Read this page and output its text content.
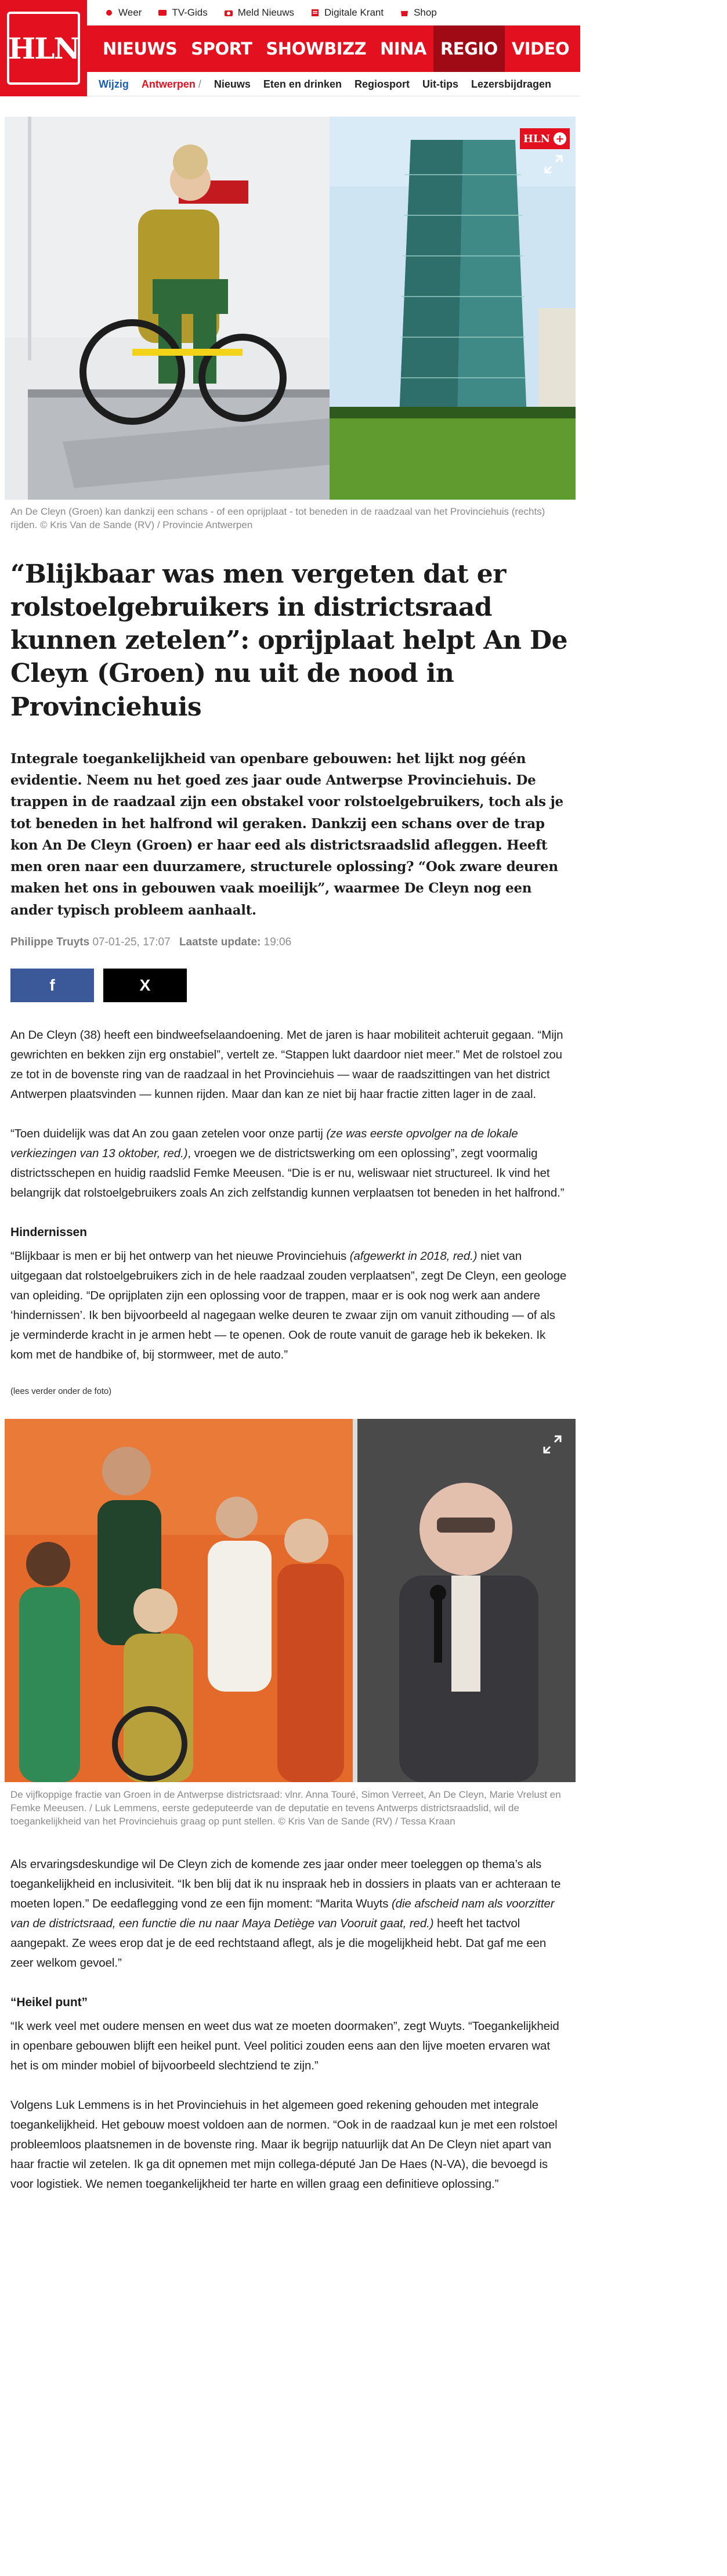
Weer	TV-Gids	Meld Nieuws	Digitale Krant	Shop
NIEUWS SPORT SHOWBIZZ NINA REGIO VIDEO PUZZEL PODC
Wijzig Antwerpen / Nieuws Eten en drinken Regiosport Uit-tips Lezersbijdragen
HLN
HLN +
An De Cleyn (Groen) kan dankzij een schans - of een oprijplaat - tot beneden in de raadzaal van het Provinciehuis (rechts) rijden. © Kris Van de Sande (RV) / Provincie Antwerpen
“Blijkbaar was men vergeten dat er rolstoelgebruikers in districtsraad kunnen zetelen”: oprijplaat helpt An De Cleyn (Groen) nu uit de nood in Provinciehuis

Integrale toegankelijkheid van openbare gebouwen: het lijkt nog géén evidentie. Neem nu het goed zes jaar oude Antwerpse Provinciehuis. De trappen in de raadzaal zijn een obstakel voor rolstoelgebruikers, toch als je tot beneden in het halfrond wil geraken. Dankzij een schans over de trap kon An De Cleyn (Groen) er haar eed als districtsraadslid afleggen. Heeft men oren naar een duurzamere, structurele oplossing? “Ook zware deuren maken het ons in gebouwen vaak moeilijk”, waarmee De Cleyn nog een ander typisch probleem aanhaalt.

Philippe Truyts 07-01-25, 17:07 Laatste update: 19:06
f	X

An De Cleyn (38) heeft een bindweefselaandoening. Met de jaren is haar mobiliteit achteruit gegaan. “Mijn gewrichten en bekken zijn erg onstabiel”, vertelt ze. “Stappen lukt daardoor niet meer.” Met de rolstoel zou ze tot in de bovenste ring van de raadzaal in het Provinciehuis — waar de raadszittingen van het district Antwerpen plaatsvinden — kunnen rijden. Maar dan kan ze niet bij haar fractie zitten lager in de zaal.

“Toen duidelijk was dat An zou gaan zetelen voor onze partij (ze was eerste opvolger na de lokale verkiezingen van 13 oktober, red.), vroegen we de districtswerking om een oplossing”, zegt voormalig districtsschepen en huidig raadslid Femke Meeusen. “Die is er nu, weliswaar niet structureel. Ik vind het belangrijk dat rolstoelgebruikers zoals An zich zelfstandig kunnen verplaatsen tot beneden in het halfrond.”

Hindernissen

“Blijkbaar is men er bij het ontwerp van het nieuwe Provinciehuis (afgewerkt in 2018, red.) niet van uitgegaan dat rolstoelgebruikers zich in de hele raadzaal zouden verplaatsen”, zegt De Cleyn, een geologe van opleiding. “De oprijplaten zijn een oplossing voor de trappen, maar er is ook nog werk aan andere ‘hindernissen’. Ik ben bijvoorbeeld al nagegaan welke deuren te zwaar zijn om vanuit zithouding — of als je verminderde kracht in je armen hebt — te openen. Ook de route vanuit de garage heb ik bekeken. Ik kom met de handbike of, bij stormweer, met de auto.”

(lees verder onder de foto)

De vijfkoppige fractie van Groen in de Antwerpse districtsraad: vlnr. Anna Touré, Simon Verreet, An De Cleyn, Marie Vrelust en Femke Meeusen. / Luk Lemmens, eerste gedeputeerde van de deputatie en tevens Antwerps districtsraadslid, wil de toegankelijkheid van het Provinciehuis graag op punt stellen. © Kris Van de Sande (RV) / Tessa Kraan

Als ervaringsdeskundige wil De Cleyn zich de komende zes jaar onder meer toeleggen op thema’s als toegankelijkheid en inclusiviteit. “Ik ben blij dat ik nu inspraak heb in dossiers in plaats van er achteraan te moeten lopen.” De eedaflegging vond ze een fijn moment: “Marita Wuyts (die afscheid nam als voorzitter van de districtsraad, een functie die nu naar Maya Detiège van Vooruit gaat, red.) heeft het tactvol aangepakt. Ze wees erop dat je de eed rechtstaand aflegt, als je die mogelijkheid hebt. Dat gaf me een zeer welkom gevoel.”

“Heikel punt”

“Ik werk veel met oudere mensen en weet dus wat ze moeten doormaken”, zegt Wuyts. “Toegankelijkheid in openbare gebouwen blijft een heikel punt. Veel politici zouden eens aan den lijve moeten ervaren wat het is om minder mobiel of bijvoorbeeld slechtziend te zijn.”

Volgens Luk Lemmens is in het Provinciehuis in het algemeen goed rekening gehouden met integrale toegankelijkheid. Het gebouw moest voldoen aan de normen. “Ook in de raadzaal kun je met een rolstoel probleemloos plaatsnemen in de bovenste ring. Maar ik begrijp natuurlijk dat An De Cleyn niet apart van haar fractie wil zetelen. Ik ga dit opnemen met mijn collega-député Jan De Haes (N-VA), die bevoegd is voor logistiek. We nemen toegankelijkheid ter harte en willen graag een definitieve oplossing.”
